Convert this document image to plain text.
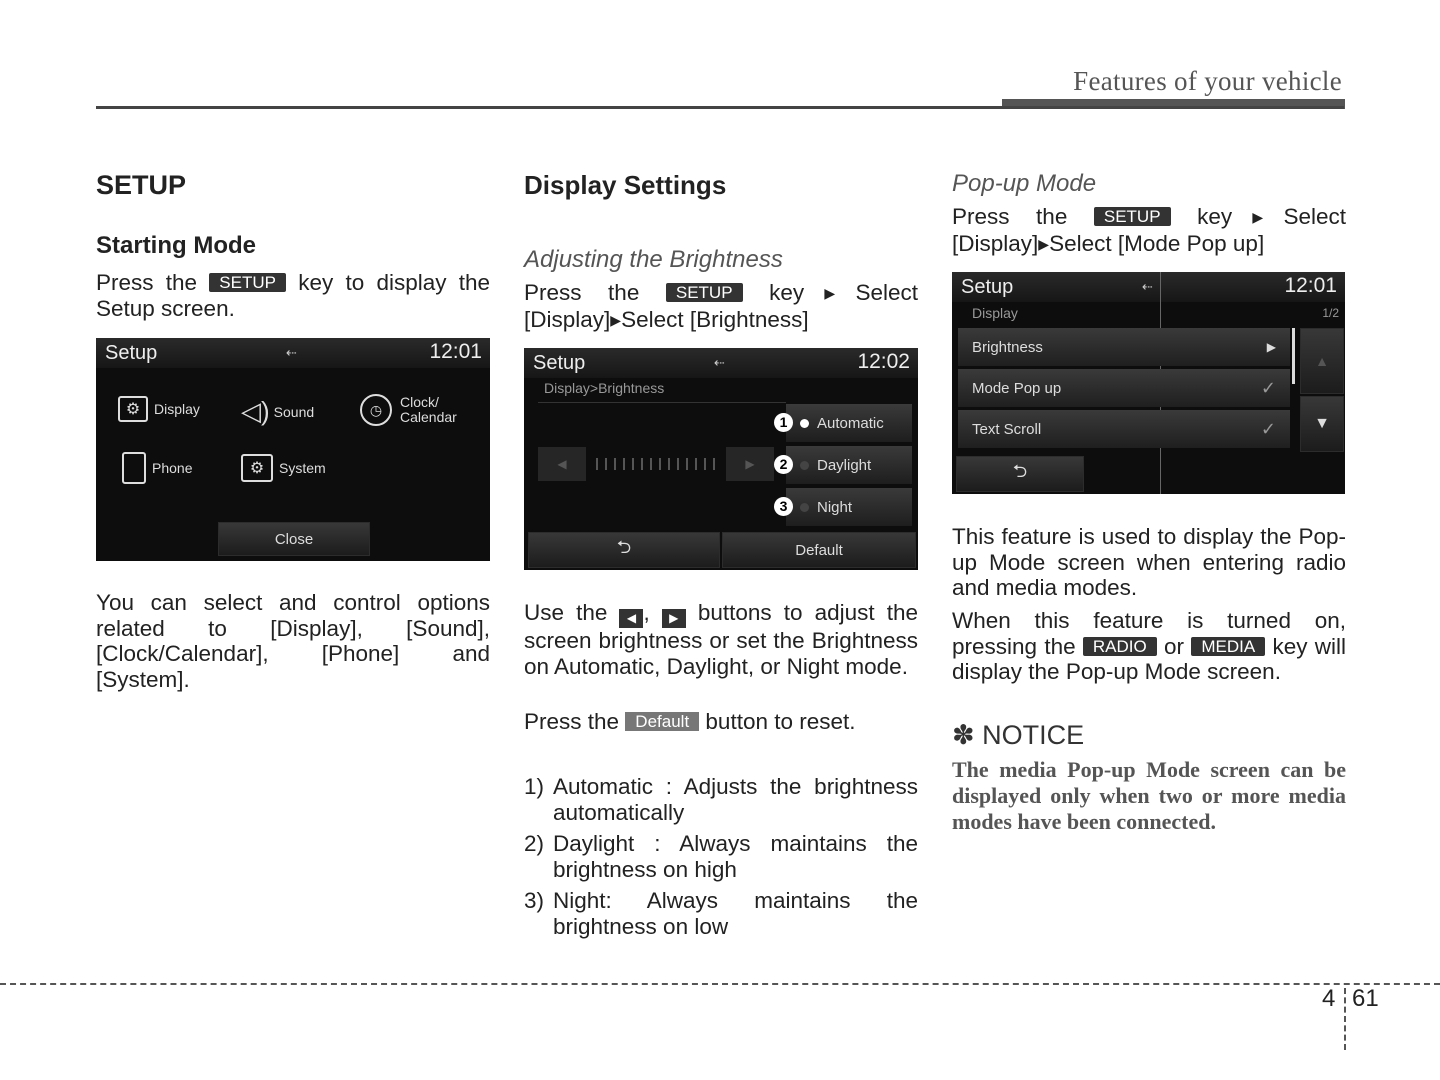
Features of your vehicle
SETUP
Starting Mode

Press the SETUP key to display the Setup screen.

Setup	⇠	12:01
⚙ Display ◁) Sound	◷	Clock/ Calendar
Phone	⚙	System
Close

You can select and control options related to [Display], [Sound], [Clock/Calendar], [Phone] and [System].

Display Settings
Adjusting the Brightness

Press the SETUP key▶Select [Display]▶Select [Brightness]

Setup	⇠	12:02
Display>Brightness
◀	▶
1	Automatic
2	Daylight
3	Night
⮌	Default

Use the ◀ , ▶ buttons to adjust the screen brightness or set the Brightness on Automatic, Daylight, or Night mode.

Press the Default button to reset.

1) Automatic : Adjusts the brightness automatically
2) Daylight : Always maintains the brightness on high
3) Night: Always maintains the brightness on low
Pop-up Mode

Press the SETUP key▶Select [Display]▶Select [Mode Pop up]

Setup	⇠	12:01
Display	1/2
Brightness	▶
Mode Pop up	✓
Text Scroll	✓
▲
▼
⮌

This feature is used to display the Pop-up Mode screen when entering radio and media modes.

When this feature is turned on, pressing the RADIO or MEDIA key will display the Pop-up Mode screen.

✽ NOTICE

The media Pop-up Mode screen can be displayed only when two or more media modes have been connected.

4 61
